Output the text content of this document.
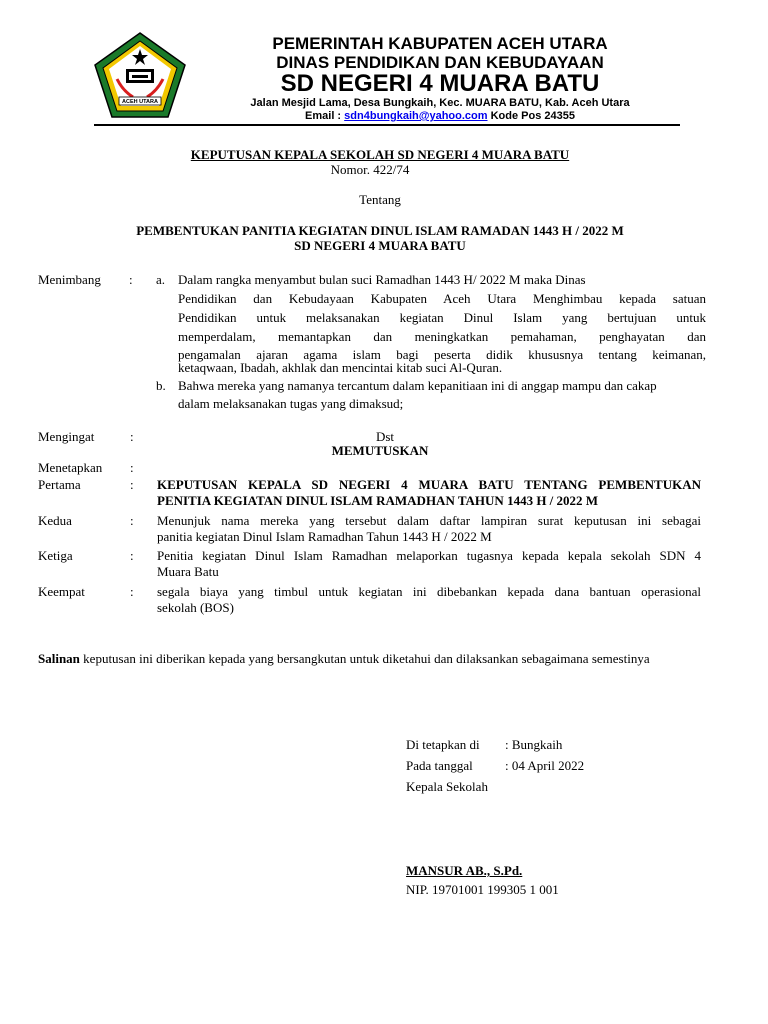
ACEH UTARA
PEMERINTAH KABUPATEN ACEH UTARA
DINAS PENDIDIKAN DAN KEBUDAYAAN
SD NEGERI 4 MUARA BATU
Jalan Mesjid Lama, Desa Bungkaih, Kec. MUARA BATU, Kab. Aceh Utara
Email : sdn4bungkaih@yahoo.com Kode Pos 24355
KEPUTUSAN KEPALA SEKOLAH SD NEGERI 4 MUARA BATU
Nomor. 422/74
Tentang
PEMBENTUKAN PANITIA KEGIATAN DINUL ISLAM RAMADAN 1443 H / 2022 M
SD NEGERI 4 MUARA BATU
Menimbang : a. Dalam rangka menyambut bulan suci Ramadhan 1443 H/ 2022 M maka Dinas
Pendidikan dan Kebudayaan Kabupaten Aceh Utara Menghimbau kepada satuan
Pendidikan untuk melaksanakan kegiatan Dinul Islam yang bertujuan untuk
memperdalam, memantapkan dan meningkatkan pemahaman, penghayatan dan
pengamalan ajaran agama islam bagi peserta didik khususnya tentang keimanan,
ketaqwaan, Ibadah, akhlak dan mencintai kitab suci Al-Quran.
b. Bahwa mereka yang namanya tercantum dalam kepanitiaan ini di anggap mampu dan cakap
dalam melaksanakan tugas yang dimaksud;
Mengingat	:	Dst
MEMUTUSKAN
Menetapkan :
Pertama	: KEPUTUSAN KEPALA SD NEGERI 4 MUARA BATU TENTANG PEMBENTUKAN
PENITIA KEGIATAN DINUL ISLAM RAMADHAN TAHUN 1443 H / 2022 M
Kedua	: Menunjuk nama mereka yang tersebut dalam daftar lampiran surat keputusan ini sebagai
panitia kegiatan Dinul Islam Ramadhan Tahun 1443 H / 2022 M
Ketiga	: Penitia kegiatan Dinul Islam Ramadhan melaporkan tugasnya kepada kepala sekolah SDN 4
Muara Batu
Keempat	: segala biaya yang timbul untuk kegiatan ini dibebankan kepada dana bantuan operasional
sekolah (BOS)
Salinan keputusan ini diberikan kepada yang bersangkutan untuk diketahui dan dilaksankan sebagaimana semestinya
Di tetapkan di : Bungkaih
Pada tanggal : 04 April 2022
Kepala Sekolah
MANSUR AB., S.Pd.
NIP. 19701001 199305 1 001
